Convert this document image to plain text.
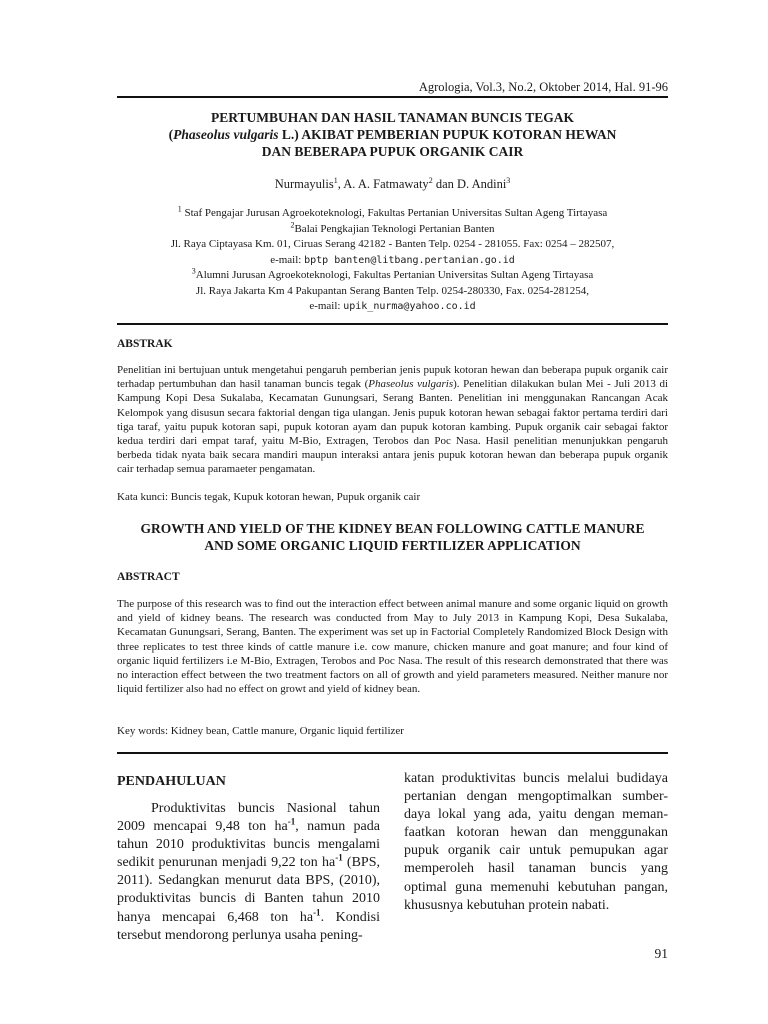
Agrologia, Vol.3, No.2, Oktober 2014, Hal. 91-96
PERTUMBUHAN DAN HASIL TANAMAN BUNCIS TEGAK
(Phaseolus vulgaris L.) AKIBAT PEMBERIAN PUPUK KOTORAN HEWAN
DAN BEBERAPA PUPUK ORGANIK CAIR
Nurmayulis$^1$, A. A. Fatmawaty$^2$ dan D. Andini$^3$
$^1$ Staf Pengajar Jurusan Agroekoteknologi, Fakultas Pertanian Universitas Sultan Ageng Tirtayasa
$^2$Balai Pengkajian Teknologi Pertanian Banten
Jl. Raya Ciptayasa Km. 01, Ciruas Serang 42182 - Banten Telp. 0254 - 281055. Fax: 0254 – 282507,
e-mail: bptp banten@litbang.pertanian.go.id
$^3$Alumni Jurusan Agroekoteknologi, Fakultas Pertanian Universitas Sultan Ageng Tirtayasa
Jl. Raya Jakarta Km 4 Pakupantan Serang Banten Telp. 0254-280330, Fax. 0254-281254,
e-mail: upik_nurma@yahoo.co.id
ABSTRAK
Penelitian ini bertujuan untuk mengetahui pengaruh pemberian jenis pupuk kotoran hewan dan beberapa pupuk organik cair terhadap pertumbuhan dan hasil tanaman buncis tegak (Phaseolus vulgaris). Penelitian dilakukan bulan Mei - Juli 2013 di Kampung Kopi Desa Sukalaba, Kecamatan Gunungsari, Serang Banten. Penelitian ini menggunakan Rancangan Acak Kelompok yang disusun secara faktorial dengan tiga ulangan. Jenis pupuk kotoran hewan sebagai faktor pertama terdiri dari tiga taraf, yaitu pupuk kotoran sapi, pupuk kotoran ayam dan pupuk kotoran kambing. Pupuk organik cair sebagai faktor kedua terdiri dari empat taraf, yaitu M-Bio, Extragen, Terobos dan Poc Nasa. Hasil penelitian menunjukkan pengaruh berbeda tidak nyata baik secara mandiri maupun interaksi antara jenis pupuk kotoran hewan dan beberapa pupuk organik cair terhadap semua paramaeter pengamatan.
Kata kunci: Buncis tegak, Kupuk kotoran hewan, Pupuk organik cair
GROWTH AND YIELD OF THE KIDNEY BEAN FOLLOWING CATTLE MANURE
AND SOME ORGANIC LIQUID FERTILIZER APPLICATION
ABSTRACT
The purpose of this research was to find out the interaction effect between animal manure and some organic liquid on growth and yield of kidney beans. The research was conducted from May to July 2013 in Kampung Kopi, Desa Sukalaba, Kecamatan Gunungsari, Serang, Banten. The experiment was set up in Factorial Completely Randomized Block Design with three replicates to test three kinds of cattle manure i.e. cow manure, chicken manure and goat manure; and four kind of organic liquid fertilizers i.e M-Bio, Extragen, Terobos and Poc Nasa. The result of this research demonstrated that there was no interaction effect between the two treatment factors on all of growth and yield parameters measured. Neither manure nor liquid fertilizer also had no effect on growt and yield of kidney bean.
Key words: Kidney bean, Cattle manure, Organic liquid fertilizer
PENDAHULUAN

Produktivitas buncis Nasional tahun 2009 mencapai 9,48 ton $ha^{-1}$, namun pada tahun 2010 produktivitas buncis mengalami sedikit penurunan menjadi 9,22 ton $ha^{-1}$ (BPS, 2011). Sedangkan menurut data BPS, (2010), produktivitas buncis di Banten tahun 2010 hanya mencapai 6,468 ton $ha^{-1}$. Kondisi tersebut mendorong perlunya usaha pening-

katan produktivitas buncis melalui budidaya pertanian dengan mengoptimalkan sumber-daya lokal yang ada, yaitu dengan meman-faatkan kotoran hewan dan menggunakan pupuk organik cair untuk pemupukan agar memperoleh hasil tanaman buncis yang optimal guna memenuhi kebutuhan pangan, khususnya kebutuhan protein nabati.

91
